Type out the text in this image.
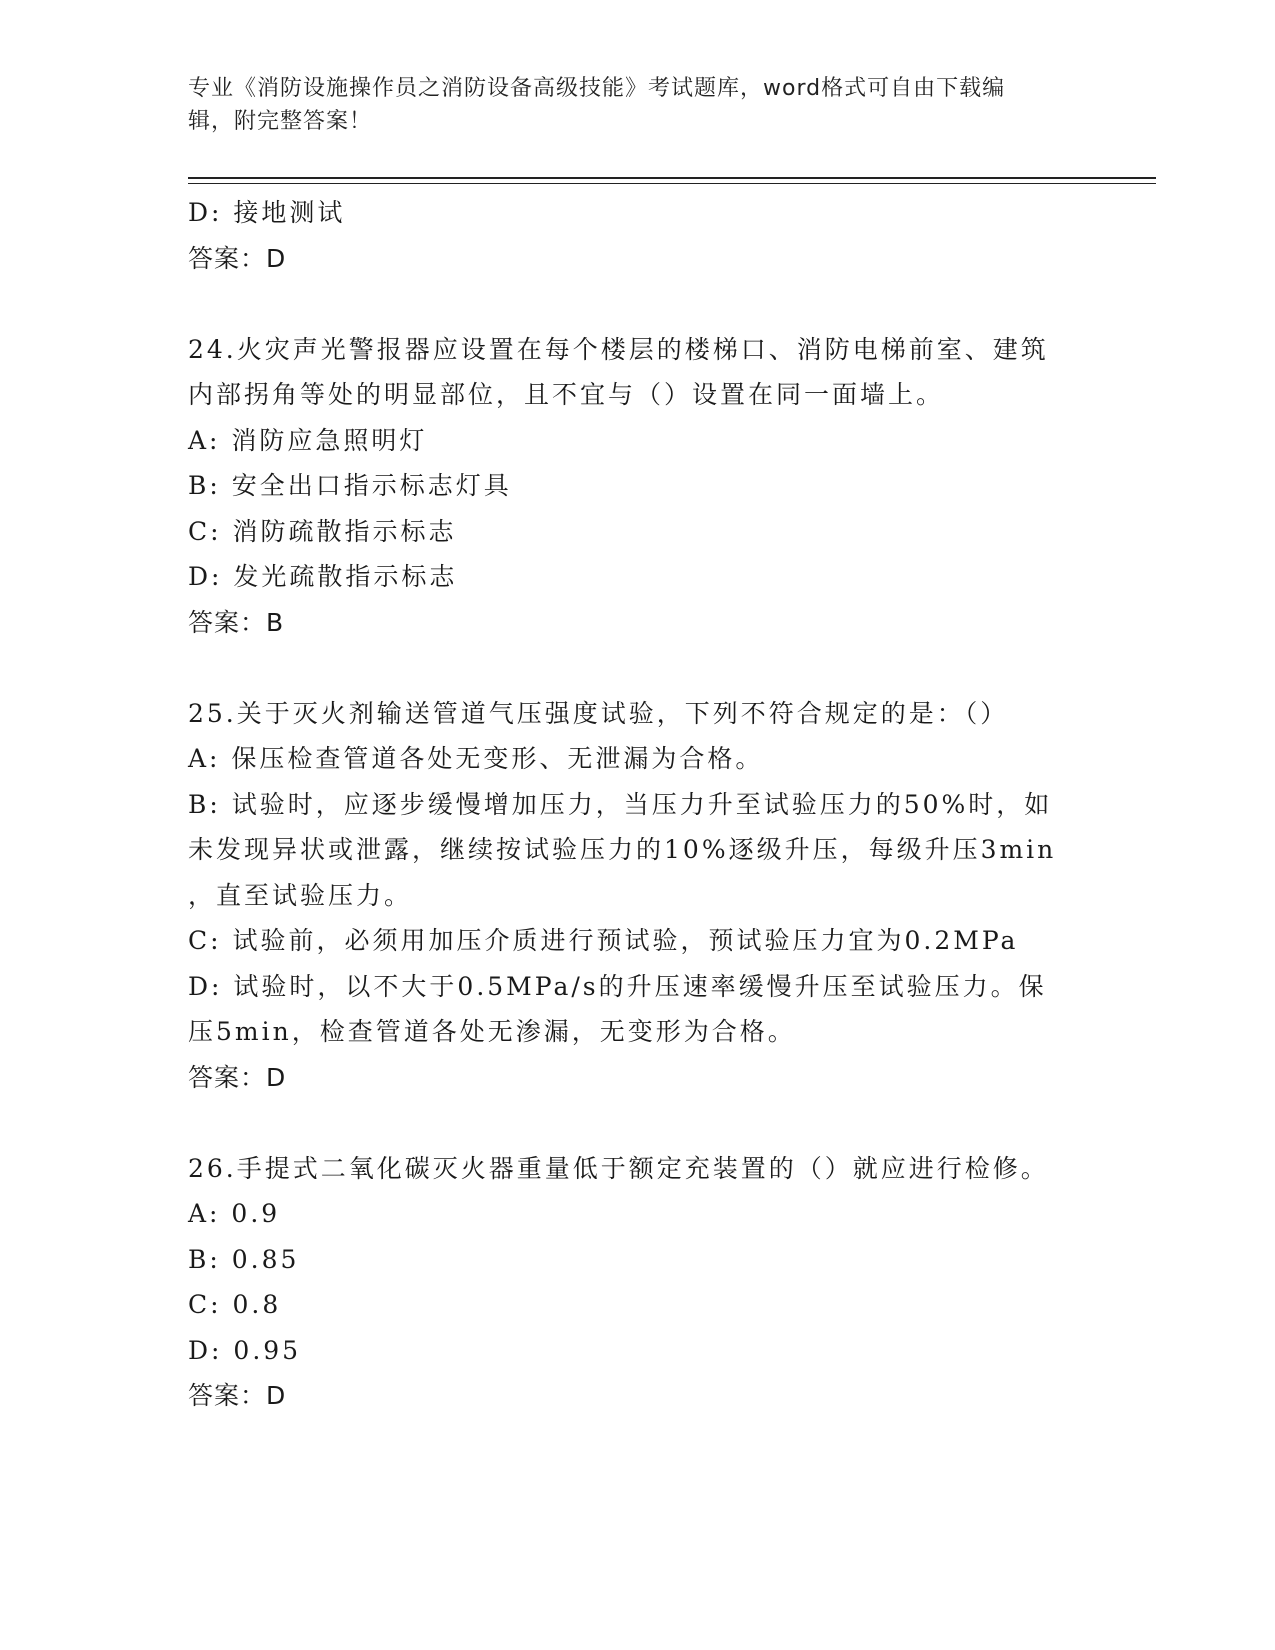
专业《消防设施操作员之消防设备高级技能》考试题库，word格式可自由下载编
辑，附完整答案！
D: 接地测试
答案：D
24.火灾声光警报器应设置在每个楼层的楼梯口、消防电梯前室、建筑
内部拐角等处的明显部位，且不宜与（）设置在同一面墙上。
A: 消防应急照明灯
B: 安全出口指示标志灯具
C: 消防疏散指示标志
D: 发光疏散指示标志
答案：B
25.关于灭火剂输送管道气压强度试验，下列不符合规定的是：（）
A: 保压检查管道各处无变形、无泄漏为合格。
B: 试验时，应逐步缓慢增加压力，当压力升至试验压力的50%时，如
未发现异状或泄露，继续按试验压力的10%逐级升压，每级升压3min
，直至试验压力。
C: 试验前，必须用加压介质进行预试验，预试验压力宜为0.2MPa
D: 试验时，以不大于0.5MPa/s的升压速率缓慢升压至试验压力。保
压5min，检查管道各处无渗漏，无变形为合格。
答案：D
26.手提式二氧化碳灭火器重量低于额定充装置的（）就应进行检修。
A: 0.9
B: 0.85
C: 0.8
D: 0.95
答案：D
